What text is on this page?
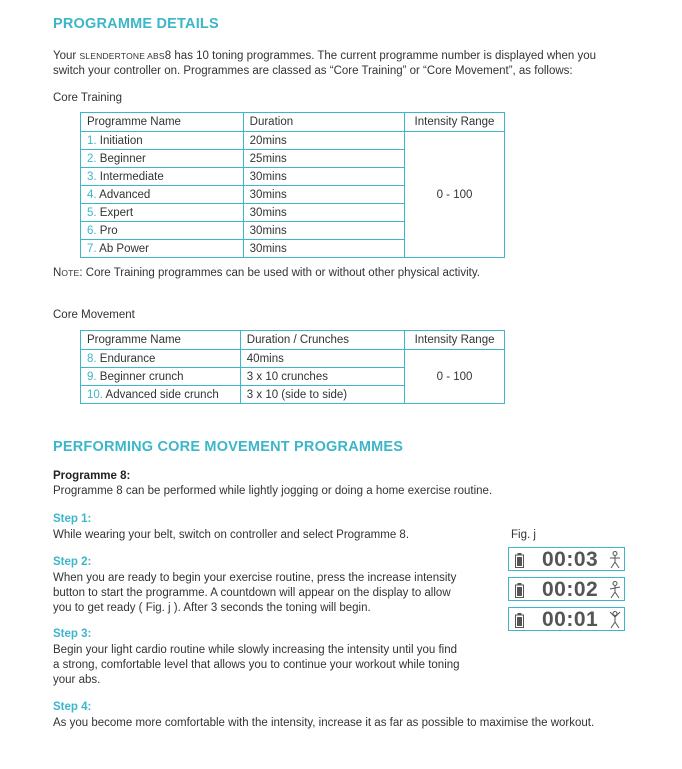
PROGRAMME DETAILS
Your SLENDERTONE ABS8 has 10 toning programmes. The current programme number is displayed when you
switch your controller on. Programmes are classed as “Core Training” or “Core Movement”, as follows:
Core Training
Programme Name	Duration	Intensity Range
1. Initiation	20mins	0 - 100
2. Beginner	25mins	
3. Intermediate	30mins	
4. Advanced	30mins	
5. Expert	30mins	
6. Pro	30mins	
7. Ab Power	30mins	
NOTE: Core Training programmes can be used with or without other physical activity.
Core Movement
Programme Name	Duration / Crunches	Intensity Range
8. Endurance	40mins	0 - 100
9. Beginner crunch	3 x 10 crunches	
10. Advanced side crunch	3 x 10 (side to side)	
PERFORMING CORE MOVEMENT PROGRAMMES
Programme 8:
Programme 8 can be performed while lightly jogging or doing a home exercise routine.
Step 1:
While wearing your belt, switch on controller and select Programme 8.
Step 2:
When you are ready to begin your exercise routine, press the increase intensity
button to start the programme. A countdown will appear on the display to allow
you to get ready ( Fig. j ). After 3 seconds the toning will begin.
Step 3:
Begin your light cardio routine while slowly increasing the intensity until you find
a strong, comfortable level that allows you to continue your workout while toning
your abs.
Step 4:
As you become more comfortable with the intensity, increase it as far as possible to maximise the workout.
Fig. j
00:03
00:02
00:01
